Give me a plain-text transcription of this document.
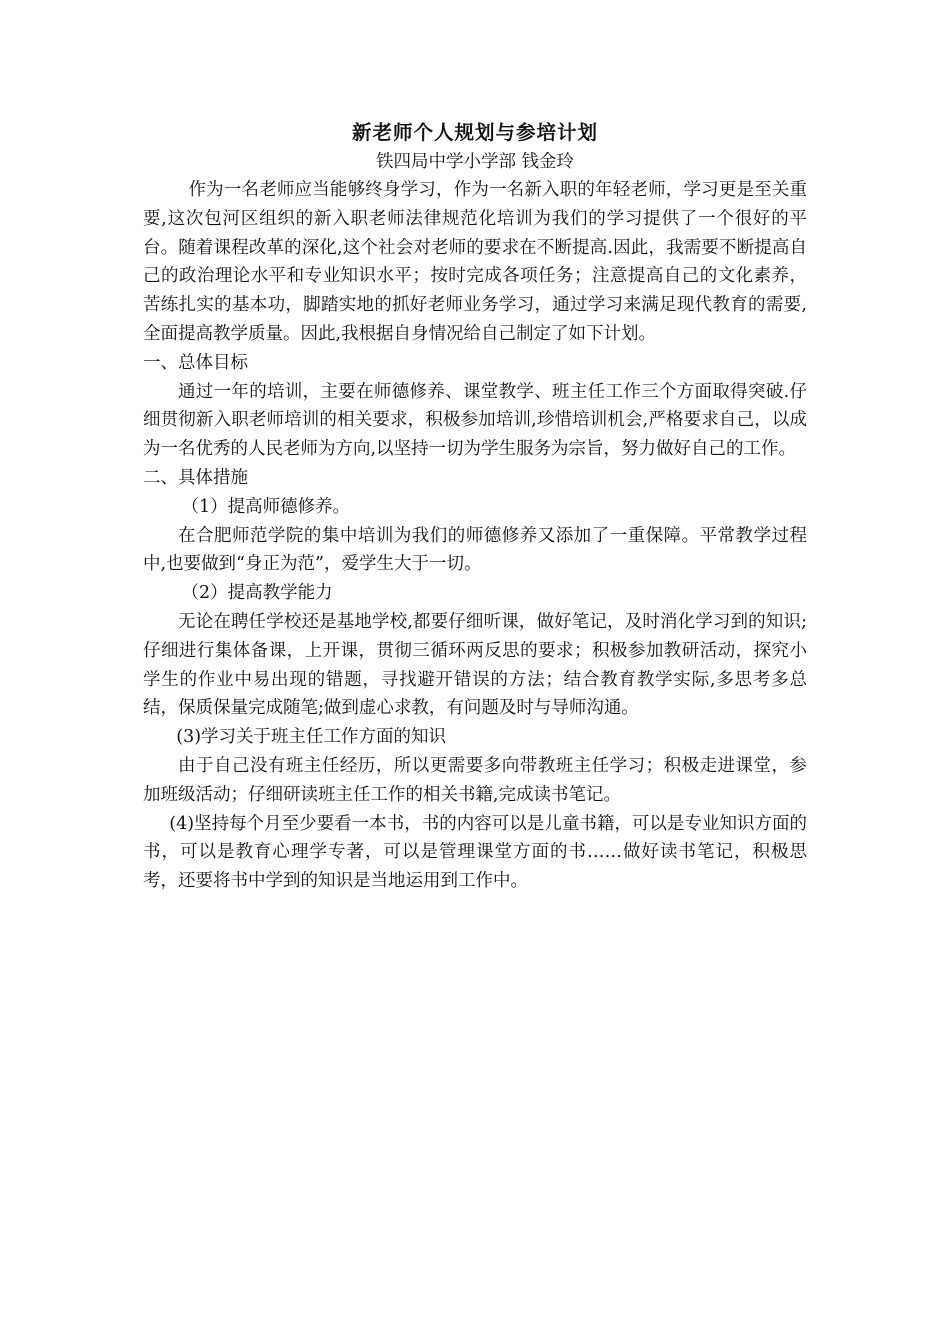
新老师个人规划与参培计划

铁四局中学小学部 钱金玲

作为一名老师应当能够终身学习，作为一名新入职的年轻老师，学习更是至关重要,这次包河区组织的新入职老师法律规范化培训为我们的学习提供了一个很好的平台。随着课程改革的深化,这个社会对老师的要求在不断提高.因此，我需要不断提高自己的政治理论水平和专业知识水平；按时完成各项任务；注意提高自己的文化素养，苦练扎实的基本功，脚踏实地的抓好老师业务学习，通过学习来满足现代教育的需要,全面提高教学质量。因此,我根据自身情况给自己制定了如下计划。

一、总体目标

通过一年的培训，主要在师德修养、课堂教学、班主任工作三个方面取得突破.仔细贯彻新入职老师培训的相关要求，积极参加培训,珍惜培训机会,严格要求自己，以成为一名优秀的人民老师为方向,以坚持一切为学生服务为宗旨，努力做好自己的工作。

二、具体措施

（1）提高师德修养。

在合肥师范学院的集中培训为我们的师德修养又添加了一重保障。平常教学过程中,也要做到“身正为范”，爱学生大于一切。

（2）提高教学能力

无论在聘任学校还是基地学校,都要仔细听课，做好笔记，及时消化学习到的知识;仔细进行集体备课，上开课，贯彻三循环两反思的要求；积极参加教研活动，探究小学生的作业中易出现的错题，寻找避开错误的方法；结合教育教学实际,多思考多总结，保质保量完成随笔;做到虚心求教，有问题及时与导师沟通。

(3)学习关于班主任工作方面的知识

由于自己没有班主任经历，所以更需要多向带教班主任学习；积极走进课堂，参加班级活动；仔细研读班主任工作的相关书籍,完成读书笔记。

(4)坚持每个月至少要看一本书，书的内容可以是儿童书籍，可以是专业知识方面的书，可以是教育心理学专著，可以是管理课堂方面的书……做好读书笔记，积极思考，还要将书中学到的知识是当地运用到工作中。
